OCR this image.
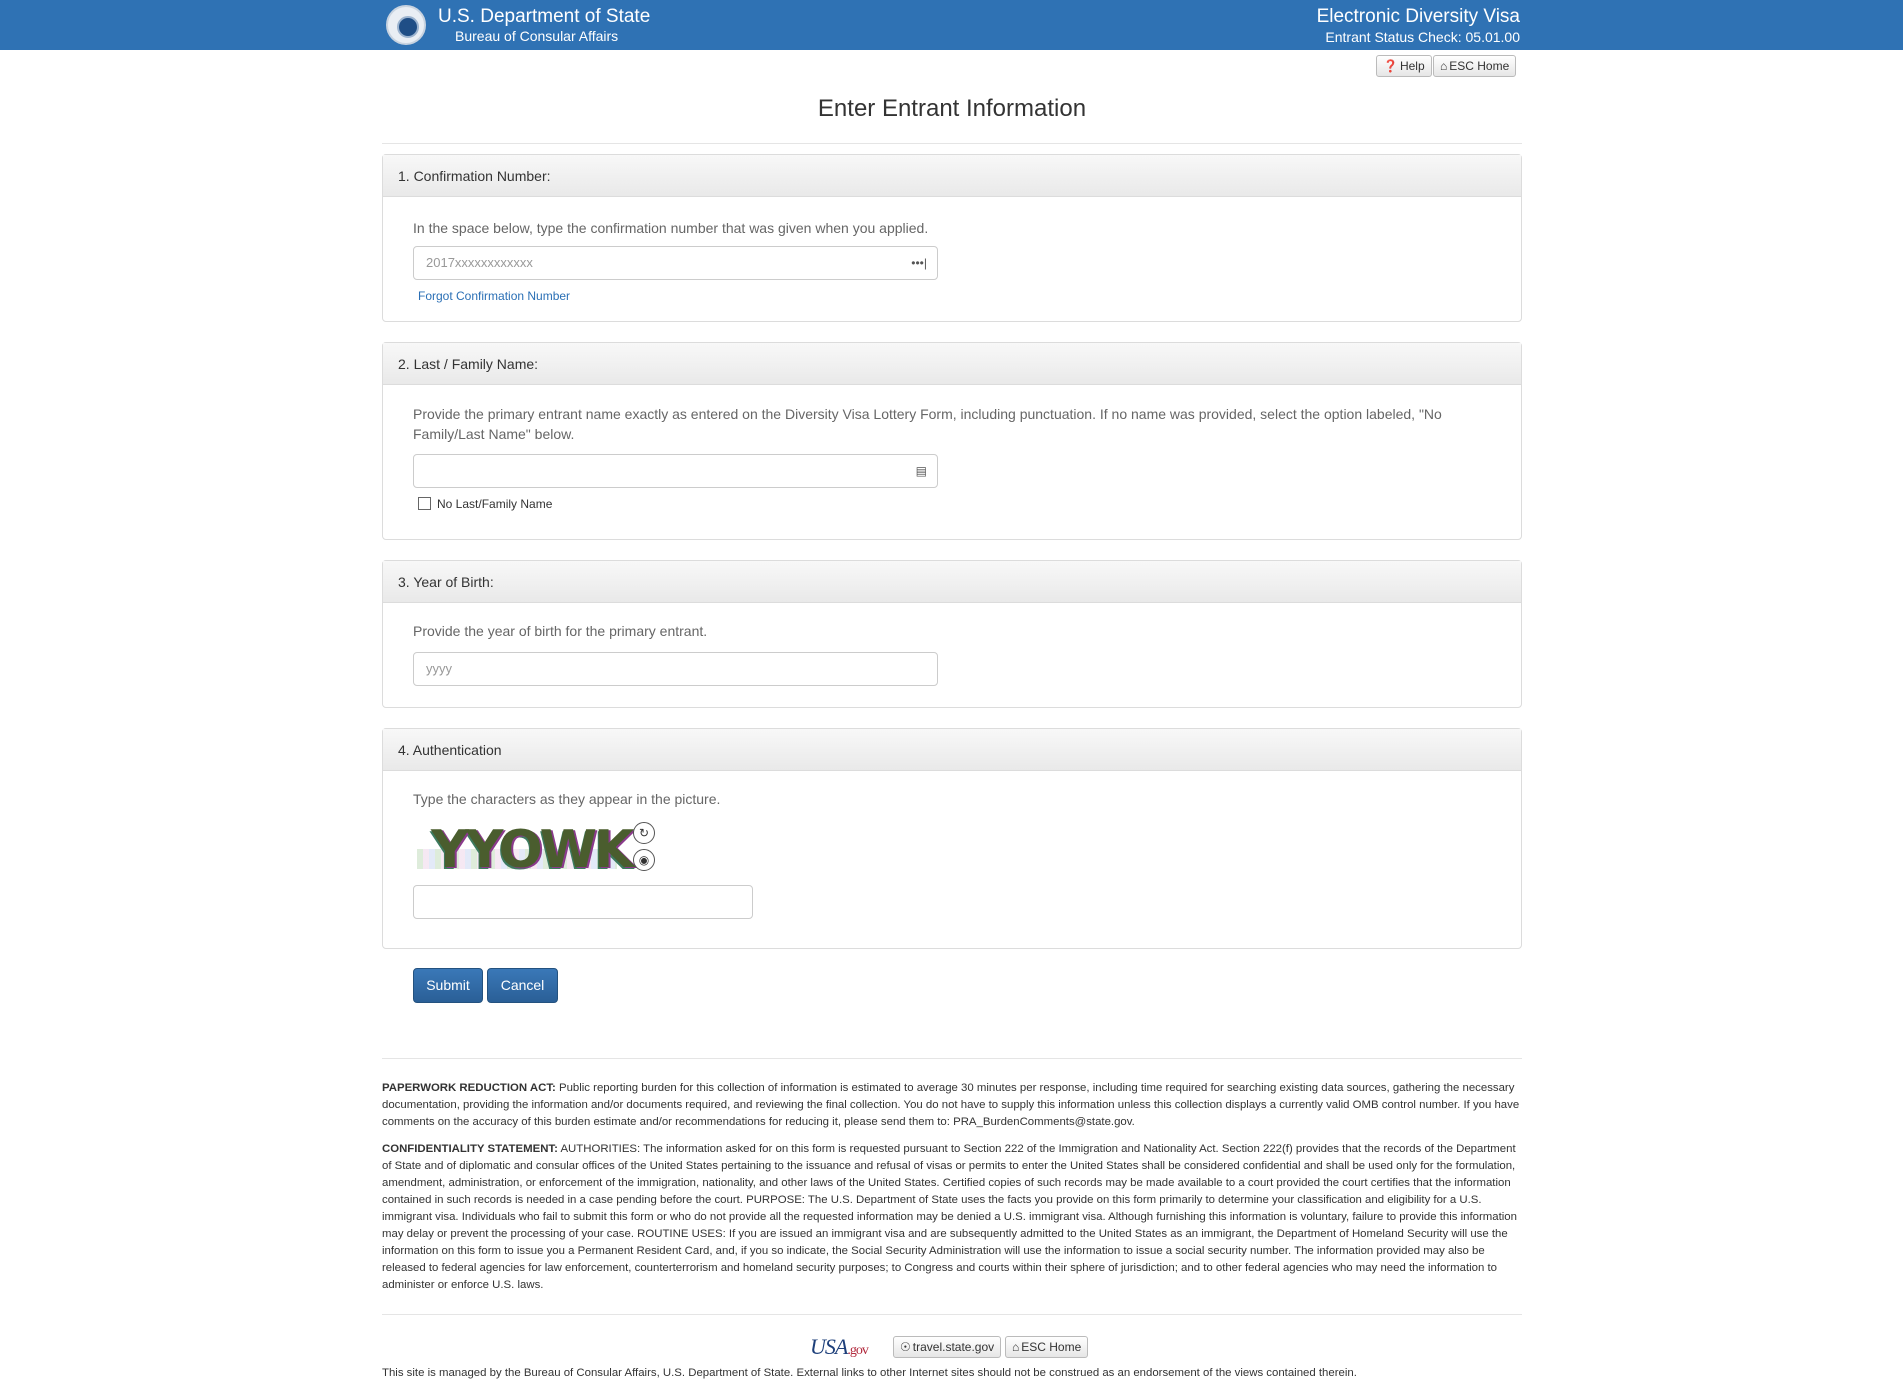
U.S. Department of State
Bureau of Consular Affairs
Electronic Diversity Visa
Entrant Status Check: 05.01.00
❓ Help	⌂ ESC Home
Enter Entrant Information
1. Confirmation Number:
In the space below, type the confirmation number that was given when you applied.
2017xxxxxxxxxxxx	•••|
Forgot Confirmation Number
2. Last / Family Name:
Provide the primary entrant name exactly as entered on the Diversity Visa Lottery Form, including punctuation. If no name was provided, select the option labeled, "No Family/Last Name" below.
▤
No Last/Family Name
3. Year of Birth:
Provide the year of birth for the primary entrant.
yyyy
4. Authentication
Type the characters as they appear in the picture.
YYOWK ↻
◉
Submit	Cancel
PAPERWORK REDUCTION ACT: Public reporting burden for this collection of information is estimated to average 30 minutes per response, including time required for searching existing data sources, gathering the necessary documentation, providing the information and/or documents required, and reviewing the final collection. You do not have to supply this information unless this collection displays a currently valid OMB control number. If you have comments on the accuracy of this burden estimate and/or recommendations for reducing it, please send them to: PRA_BurdenComments@state.gov.
CONFIDENTIALITY STATEMENT: AUTHORITIES: The information asked for on this form is requested pursuant to Section 222 of the Immigration and Nationality Act. Section 222(f) provides that the records of the Department of State and of diplomatic and consular offices of the United States pertaining to the issuance and refusal of visas or permits to enter the United States shall be considered confidential and shall be used only for the formulation, amendment, administration, or enforcement of the immigration, nationality, and other laws of the United States. Certified copies of such records may be made available to a court provided the court certifies that the information contained in such records is needed in a case pending before the court. PURPOSE: The U.S. Department of State uses the facts you provide on this form primarily to determine your classification and eligibility for a U.S. immigrant visa. Individuals who fail to submit this form or who do not provide all the requested information may be denied a U.S. immigrant visa. Although furnishing this information is voluntary, failure to provide this information may delay or prevent the processing of your case. ROUTINE USES: If you are issued an immigrant visa and are subsequently admitted to the United States as an immigrant, the Department of Homeland Security will use the information on this form to issue you a Permanent Resident Card, and, if you so indicate, the Social Security Administration will use the information to issue a social security number. The information provided may also be released to federal agencies for law enforcement, counterterrorism and homeland security purposes; to Congress and courts within their sphere of jurisdiction; and to other federal agencies who may need the information to administer or enforce U.S. laws.
USA.gov	☉ travel.state.gov	⌂ ESC Home
This site is managed by the Bureau of Consular Affairs, U.S. Department of State. External links to other Internet sites should not be construed as an endorsement of the views contained therein.
